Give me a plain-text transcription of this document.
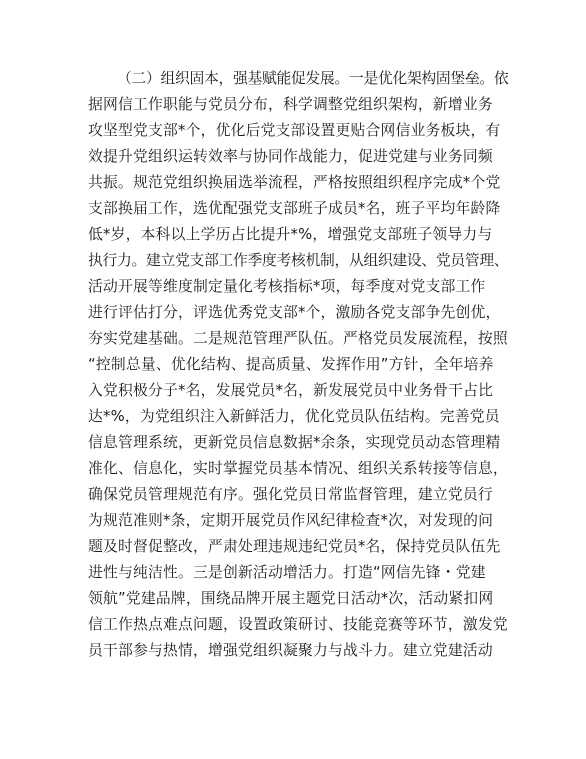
（二）组织固本，强基赋能促发展。一是优化架构固堡垒。依
据网信工作职能与党员分布，科学调整党组织架构，新增业务
攻坚型党支部*个，优化后党支部设置更贴合网信业务板块，有
效提升党组织运转效率与协同作战能力，促进党建与业务同频
共振。规范党组织换届选举流程，严格按照组织程序完成*个党
支部换届工作，选优配强党支部班子成员*名，班子平均年龄降
低*岁，本科以上学历占比提升*%，增强党支部班子领导力与
执行力。建立党支部工作季度考核机制，从组织建设、党员管理、
活动开展等维度制定量化考核指标*项，每季度对党支部工作
进行评估打分，评选优秀党支部*个，激励各党支部争先创优，
夯实党建基础。二是规范管理严队伍。严格党员发展流程，按照
“控制总量、优化结构、提高质量、发挥作用”方针，全年培养
入党积极分子*名，发展党员*名，新发展党员中业务骨干占比
达*%，为党组织注入新鲜活力，优化党员队伍结构。完善党员
信息管理系统，更新党员信息数据*余条，实现党员动态管理精
准化、信息化，实时掌握党员基本情况、组织关系转接等信息，
确保党员管理规范有序。强化党员日常监督管理，建立党员行
为规范准则*条，定期开展党员作风纪律检查*次，对发现的问
题及时督促整改，严肃处理违规违纪党员*名，保持党员队伍先
进性与纯洁性。三是创新活动增活力。打造“网信先锋・党建
领航”党建品牌，围绕品牌开展主题党日活动*次，活动紧扣网
信工作热点难点问题，设置政策研讨、技能竞赛等环节，激发党
员干部参与热情，增强党组织凝聚力与战斗力。建立党建活动
